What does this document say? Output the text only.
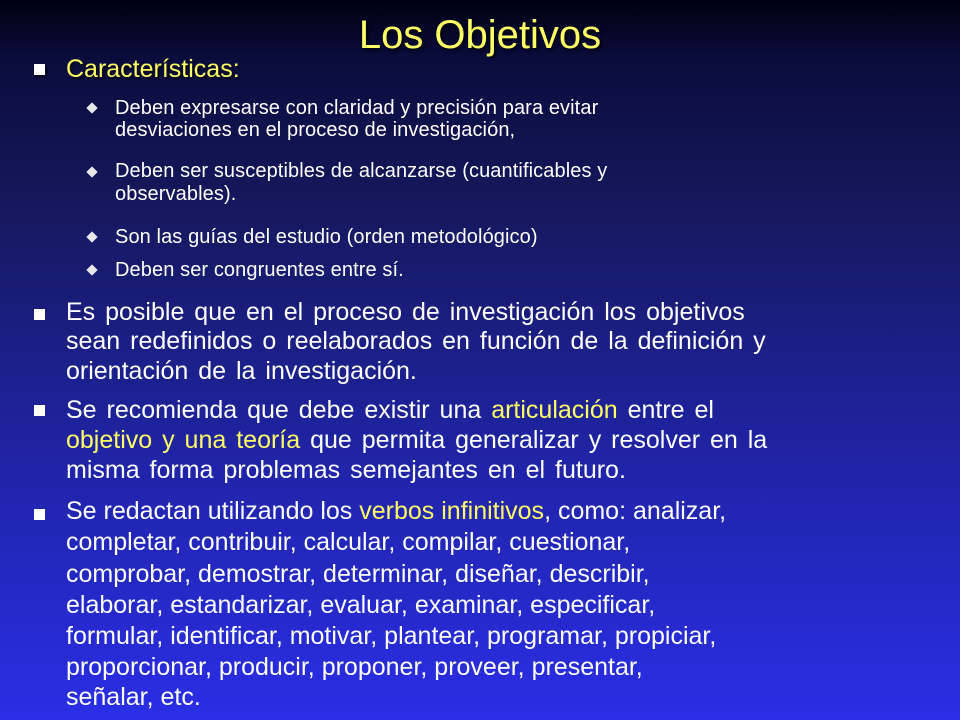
Los Objetivos

Características:

Deben expresarse con claridad y precisión para evitar

desviaciones en el proceso de investigación,

Deben ser susceptibles de alcanzarse (cuantificables y

observables).

Son las guías del estudio (orden metodológico)

Deben ser congruentes entre sí.

Es posible que en el proceso de investigación los objetivos

sean redefinidos o reelaborados en función de la definición y

orientación de la investigación.

Se recomienda que debe existir una articulación entre el

objetivo y una teoría que permita generalizar y resolver en la

misma forma problemas semejantes en el futuro.

Se redactan utilizando los verbos infinitivos, como: analizar,

completar, contribuir, calcular, compilar, cuestionar,

comprobar, demostrar, determinar, diseñar, describir,

elaborar, estandarizar, evaluar, examinar, especificar,

formular, identificar, motivar, plantear, programar, propiciar,

proporcionar, producir, proponer, proveer, presentar,

señalar, etc.
